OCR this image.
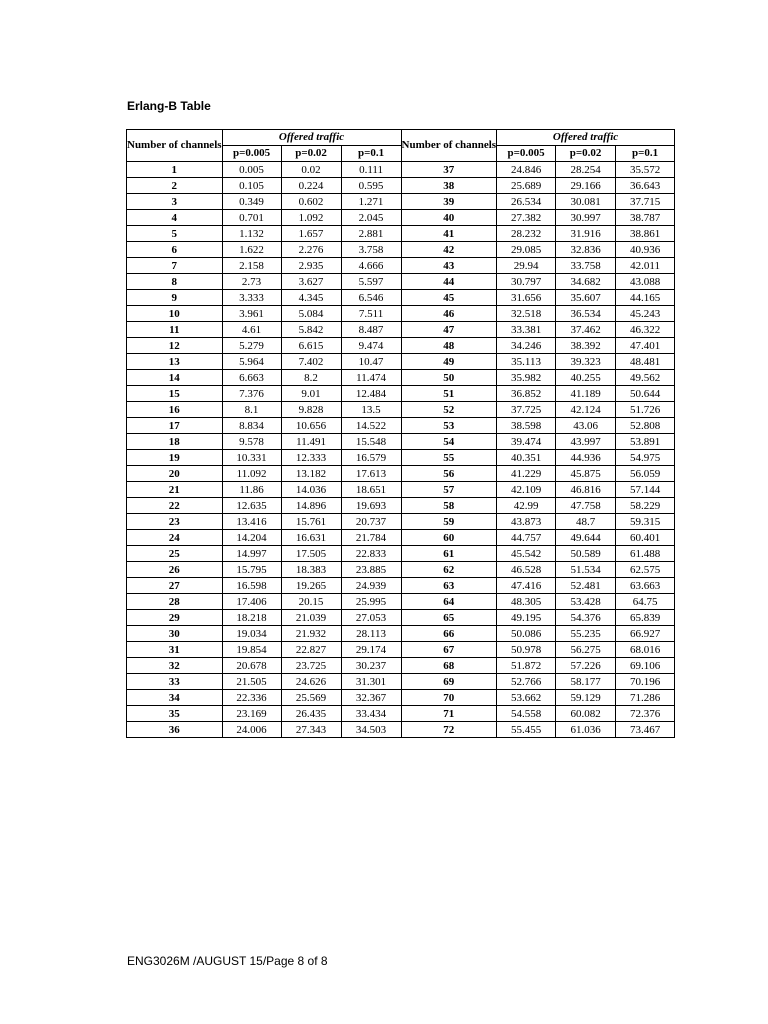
Erlang-B Table
Number of channels	Offered traffic			Number of channels	Offered traffic		
	p=0.005	p=0.02	p=0.1		p=0.005	p=0.02	p=0.1
1	0.005	0.02	0.111	37	24.846	28.254	35.572
2	0.105	0.224	0.595	38	25.689	29.166	36.643
3	0.349	0.602	1.271	39	26.534	30.081	37.715
4	0.701	1.092	2.045	40	27.382	30.997	38.787
5	1.132	1.657	2.881	41	28.232	31.916	38.861
6	1.622	2.276	3.758	42	29.085	32.836	40.936
7	2.158	2.935	4.666	43	29.94	33.758	42.011
8	2.73	3.627	5.597	44	30.797	34.682	43.088
9	3.333	4.345	6.546	45	31.656	35.607	44.165
10	3.961	5.084	7.511	46	32.518	36.534	45.243
11	4.61	5.842	8.487	47	33.381	37.462	46.322
12	5.279	6.615	9.474	48	34.246	38.392	47.401
13	5.964	7.402	10.47	49	35.113	39.323	48.481
14	6.663	8.2	11.474	50	35.982	40.255	49.562
15	7.376	9.01	12.484	51	36.852	41.189	50.644
16	8.1	9.828	13.5	52	37.725	42.124	51.726
17	8.834	10.656	14.522	53	38.598	43.06	52.808
18	9.578	11.491	15.548	54	39.474	43.997	53.891
19	10.331	12.333	16.579	55	40.351	44.936	54.975
20	11.092	13.182	17.613	56	41.229	45.875	56.059
21	11.86	14.036	18.651	57	42.109	46.816	57.144
22	12.635	14.896	19.693	58	42.99	47.758	58.229
23	13.416	15.761	20.737	59	43.873	48.7	59.315
24	14.204	16.631	21.784	60	44.757	49.644	60.401
25	14.997	17.505	22.833	61	45.542	50.589	61.488
26	15.795	18.383	23.885	62	46.528	51.534	62.575
27	16.598	19.265	24.939	63	47.416	52.481	63.663
28	17.406	20.15	25.995	64	48.305	53.428	64.75
29	18.218	21.039	27.053	65	49.195	54.376	65.839
30	19.034	21.932	28.113	66	50.086	55.235	66.927
31	19.854	22.827	29.174	67	50.978	56.275	68.016
32	20.678	23.725	30.237	68	51.872	57.226	69.106
33	21.505	24.626	31.301	69	52.766	58.177	70.196
34	22.336	25.569	32.367	70	53.662	59.129	71.286
35	23.169	26.435	33.434	71	54.558	60.082	72.376
36	24.006	27.343	34.503	72	55.455	61.036	73.467
ENG3026M /AUGUST 15/Page 8 of 8
